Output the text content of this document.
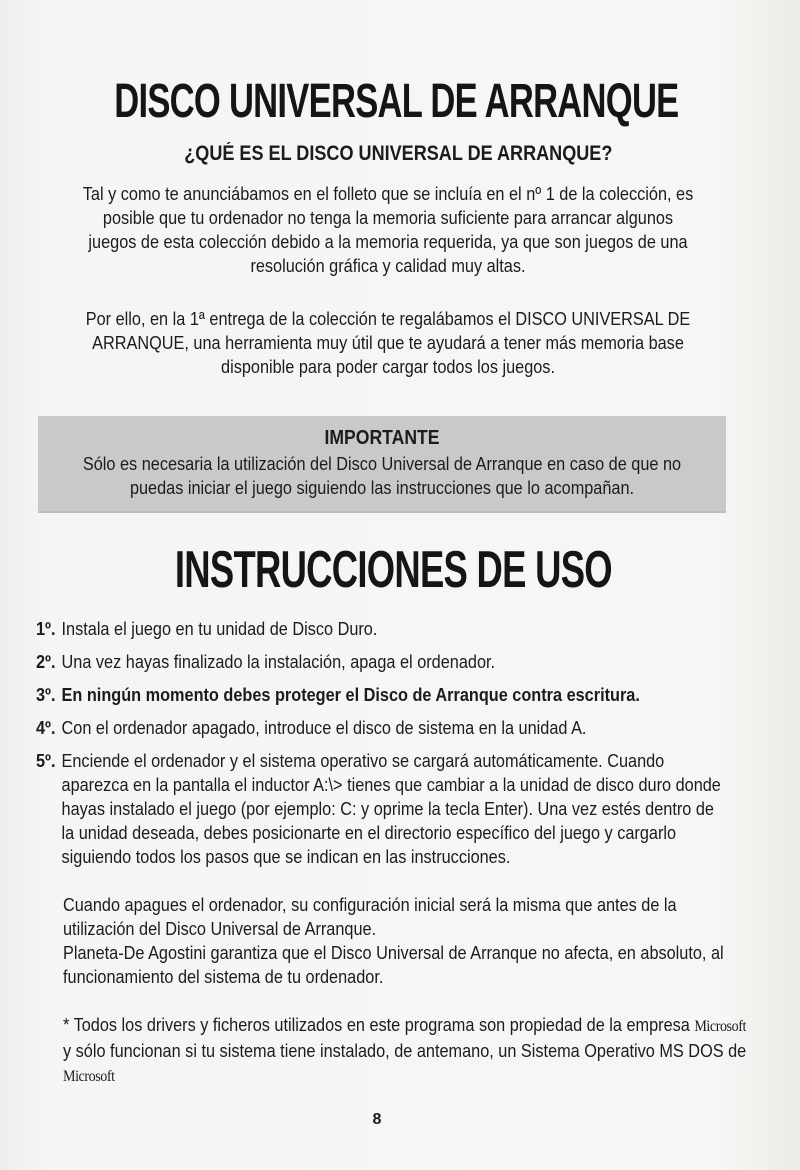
DISCO UNIVERSAL DE ARRANQUE
¿QUÉ ES EL DISCO UNIVERSAL DE ARRANQUE?
Tal y como te anunciábamos en el folleto que se incluía en el nº 1 de la colección, es posible que tu ordenador no tenga la memoria suficiente para arrancar algunos juegos de esta colección debido a la memoria requerida, ya que son juegos de una resolución gráfica y calidad muy altas.
Por ello, en la 1ª entrega de la colección te regalábamos el DISCO UNIVERSAL DE ARRANQUE, una herramienta muy útil que te ayudará a tener más memoria base disponible para poder cargar todos los juegos.
IMPORTANTE
Sólo es necesaria la utilización del Disco Universal de Arranque en caso de que no puedas iniciar el juego siguiendo las instrucciones que lo acompañan.
INSTRUCCIONES DE USO
1º. Instala el juego en tu unidad de Disco Duro.
2º. Una vez hayas finalizado la instalación, apaga el ordenador.
3º. En ningún momento debes proteger el Disco de Arranque contra escritura.
4º. Con el ordenador apagado, introduce el disco de sistema en la unidad A.
5º. Enciende el ordenador y el sistema operativo se cargará automáticamente. Cuando aparezca en la pantalla el inductor A:\> tienes que cambiar a la unidad de disco duro donde hayas instalado el juego (por ejemplo: C: y oprime la tecla Enter). Una vez estés dentro de la unidad deseada, debes posicionarte en el directorio específico del juego y cargarlo siguiendo todos los pasos que se indican en las instrucciones.
Cuando apagues el ordenador, su configuración inicial será la misma que antes de la utilización del Disco Universal de Arranque.
Planeta-De Agostini garantiza que el Disco Universal de Arranque no afecta, en absoluto, al funcionamiento del sistema de tu ordenador.
* Todos los drivers y ficheros utilizados en este programa son propiedad de la empresa Microsoft y sólo funcionan si tu sistema tiene instalado, de antemano, un Sistema Operativo MS DOS de Microsoft
8
